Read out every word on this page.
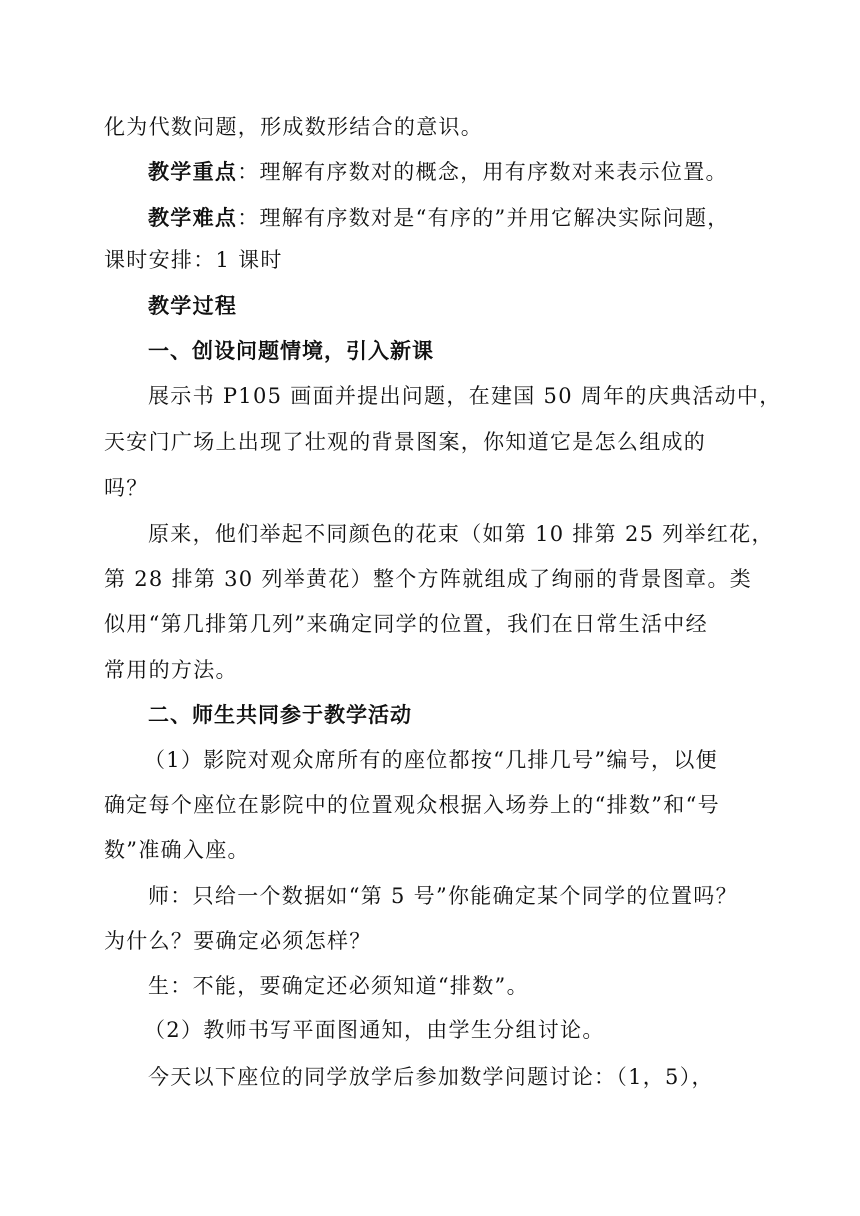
化为代数问题，形成数形结合的意识。
教学重点：理解有序数对的概念，用有序数对来表示位置。
教学难点：理解有序数对是“有序的”并用它解决实际问题，
课时安排：1 课时
教学过程
一、创设问题情境，引入新课
展示书 P105 画面并提出问题，在建国 50 周年的庆典活动中，
天安门广场上出现了壮观的背景图案，你知道它是怎么组成的
吗？
原来，他们举起不同颜色的花束（如第 10 排第 25 列举红花，
第 28 排第 30 列举黄花）整个方阵就组成了绚丽的背景图章。类
似用“第几排第几列”来确定同学的位置，我们在日常生活中经
常用的方法。
二、师生共同参于教学活动
（1）影院对观众席所有的座位都按“几排几号”编号，以便
确定每个座位在影院中的位置观众根据入场券上的“排数”和“号
数”准确入座。
师：只给一个数据如“第 5 号”你能确定某个同学的位置吗？
为什么？要确定必须怎样？
生：不能，要确定还必须知道“排数”。
（2）教师书写平面图通知，由学生分组讨论。
今天以下座位的同学放学后参加数学问题讨论：（1，5），
